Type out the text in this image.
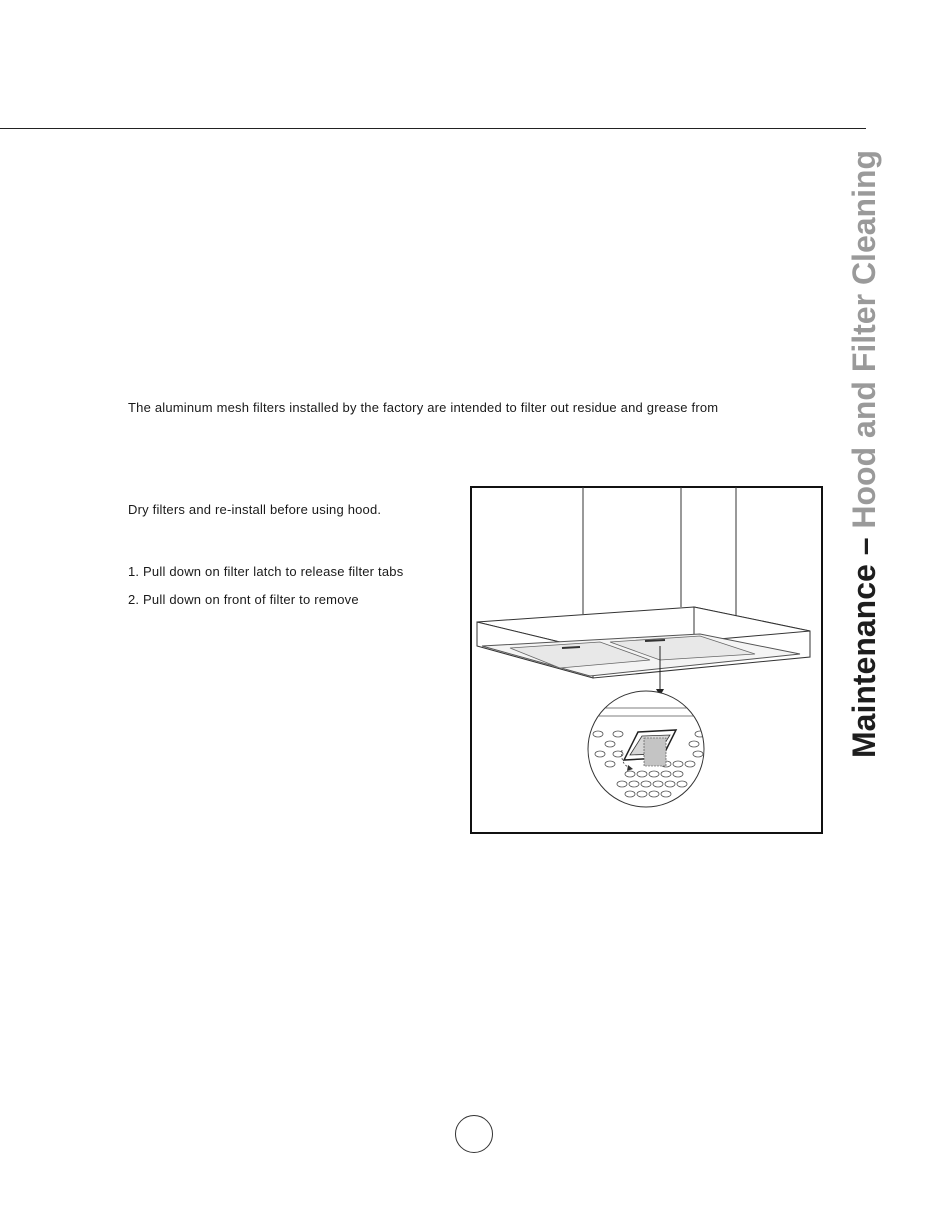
The aluminum mesh filters installed by the factory are intended to filter out residue and grease from

Dry filters and re-install before using hood.

1. Pull down on filter latch to release filter tabs

2. Pull down on front of filter to remove	Maintenance – Hood and Filter Cleaning
